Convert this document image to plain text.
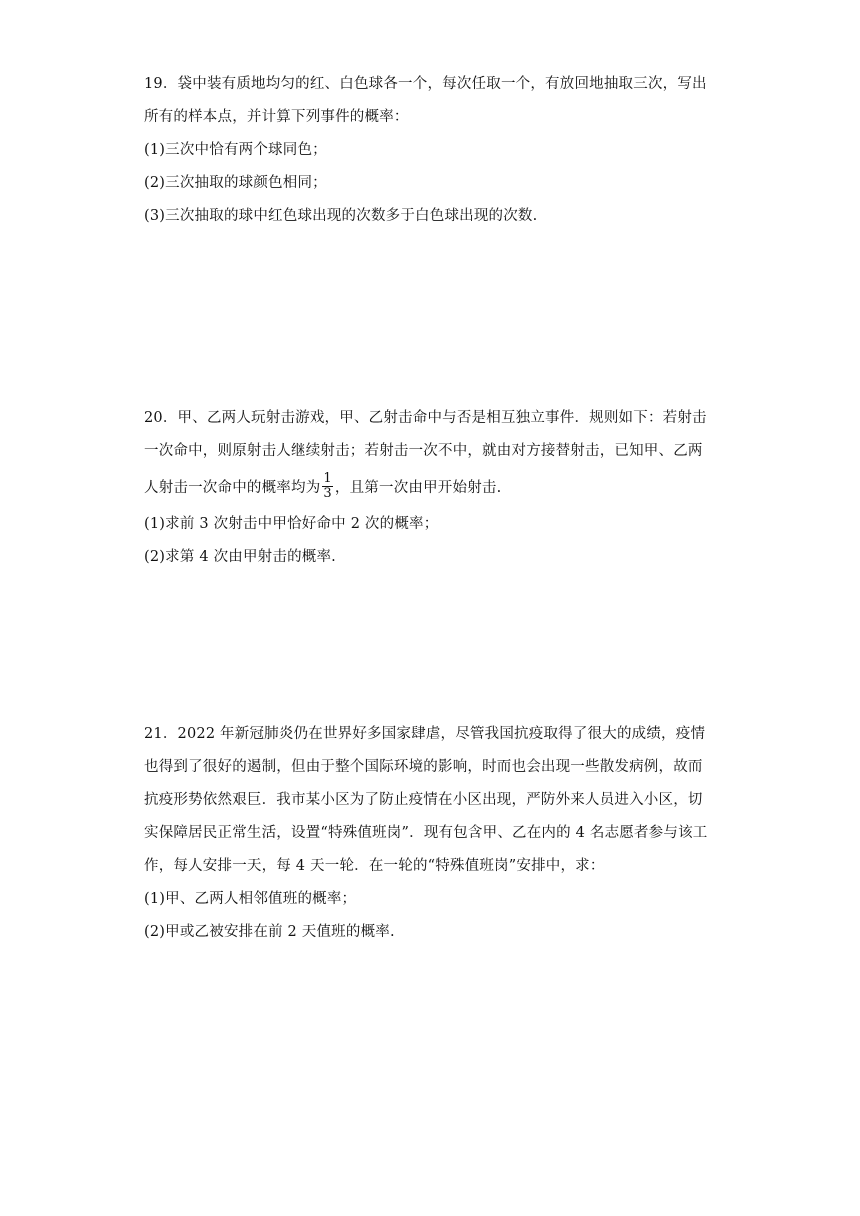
19．袋中装有质地均匀的红、白色球各一个，每次任取一个，有放回地抽取三次，写出
所有的样本点，并计算下列事件的概率：
(1)三次中恰有两个球同色；
(2)三次抽取的球颜色相同；
(3)三次抽取的球中红色球出现的次数多于白色球出现的次数.
20．甲、乙两人玩射击游戏，甲、乙射击命中与否是相互独立事件．规则如下：若射击
一次命中，则原射击人继续射击；若射击一次不中，就由对方接替射击，已知甲、乙两
人射击一次命中的概率均为 $\frac{1}{3}$ ，且第一次由甲开始射击.
(1)求前 3 次射击中甲恰好命中 2 次的概率；
(2)求第 4 次由甲射击的概率.
21．2022 年新冠肺炎仍在世界好多国家肆虐，尽管我国抗疫取得了很大的成绩，疫情
也得到了很好的遏制，但由于整个国际环境的影响，时而也会出现一些散发病例，故而
抗疫形势依然艰巨．我市某小区为了防止疫情在小区出现，严防外来人员进入小区，切
实保障居民正常生活，设置“特殊值班岗”．现有包含甲、乙在内的 4 名志愿者参与该工
作，每人安排一天，每 4 天一轮．在一轮的“特殊值班岗”安排中，求：
(1)甲、乙两人相邻值班的概率；
(2)甲或乙被安排在前 2 天值班的概率.
